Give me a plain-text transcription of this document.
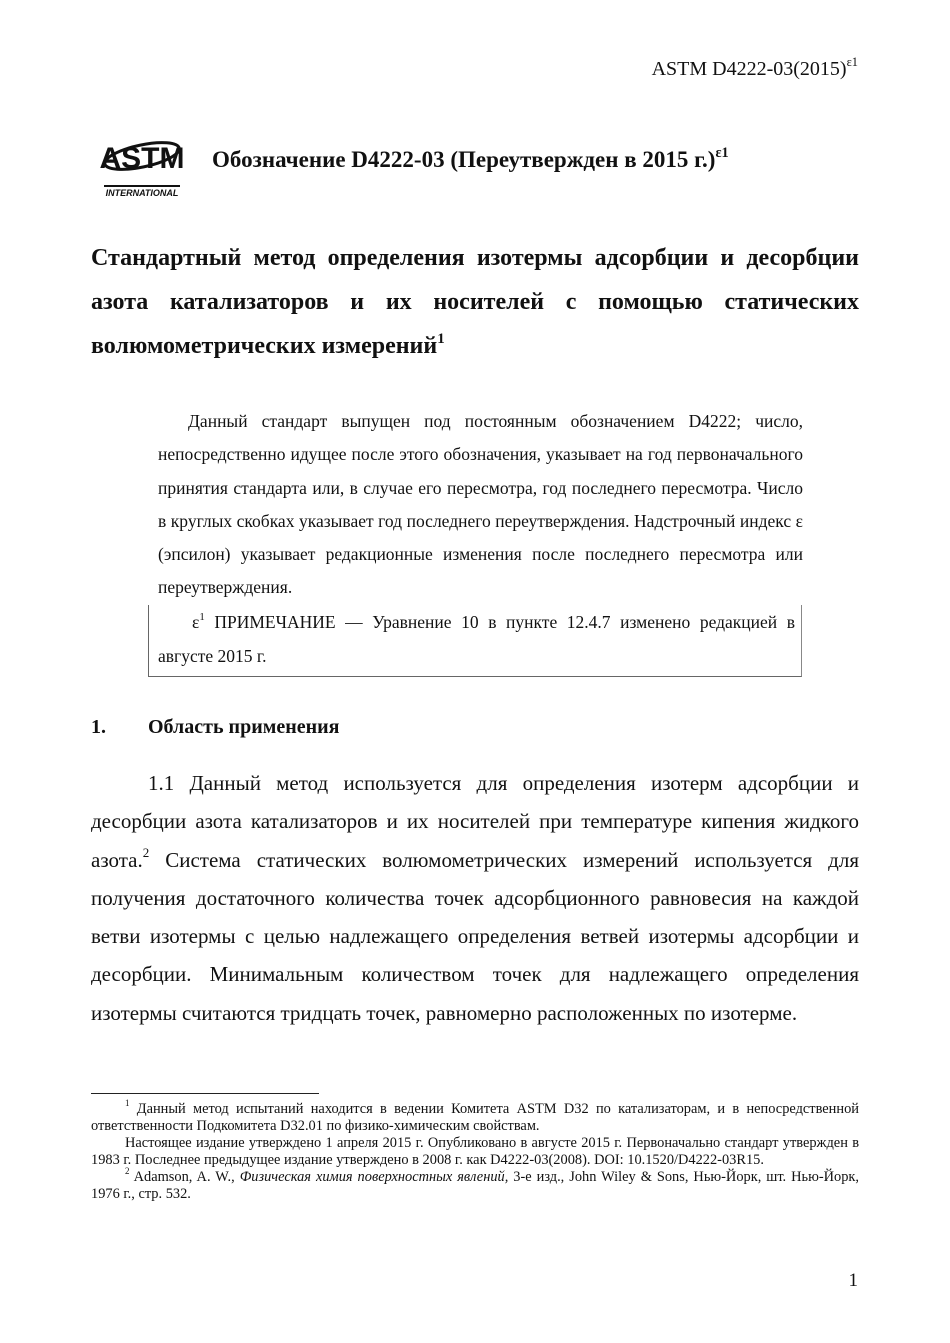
ASTM $D4222-03(2015)^{\varepsilon 1}$
ASTM
INTERNATIONAL
Обозначение D4222-03 (Переутвержден в 2015 г.)$^{\varepsilon 1}$

Стандартный метод определения изотермы адсорбции и десорбции азота катализаторов и их носителей с помощью статических волюмометрических измерений$^1$

Данный стандарт выпущен под постоянным обозначением D4222; число, непосредственно идущее после этого обозначения, указывает на год первоначального принятия стандарта или, в случае его пересмотра, год последнего пересмотра. Число в круглых скобках указывает год последнего переутверждения. Надстрочный индекс ε (эпсилон) указывает редакционные изменения после последнего пересмотра или переутверждения.

$\varepsilon^1$ ПРИМЕЧАНИЕ — Уравнение 10 в пункте 12.4.7 изменено редакцией в августе 2015 г.

1. Область применения

1.1 Данный метод используется для определения изотерм адсорбции и десорбции азота катализаторов и их носителей при температуре кипения жидкого азота.$^2$ Система статических волюмометрических измерений используется для получения достаточного количества точек адсорбционного равновесия на каждой ветви изотермы с целью надлежащего определения ветвей изотермы адсорбции и десорбции. Минимальным количеством точек для надлежащего определения изотермы считаются тридцать точек, равномерно расположенных по изотерме.

$^1$ Данный метод испытаний находится в ведении Комитета ASTM D32 по катализаторам, и в непосредственной ответственности Подкомитета D32.01 по физико-химическим свойствам.

Настоящее издание утверждено 1 апреля 2015 г. Опубликовано в августе 2015 г. Первоначально стандарт утвержден в 1983 г. Последнее предыдущее издание утверждено в 2008 г. как D4222-03(2008). DOI: 10.1520/D4222-03R15.

$^2$ Adamson, A. W., Физическая химия поверхностных явлений, 3-е изд., John Wiley & Sons, Нью-Йорк, шт. Нью-Йорк, 1976 г., стр. 532.

1
